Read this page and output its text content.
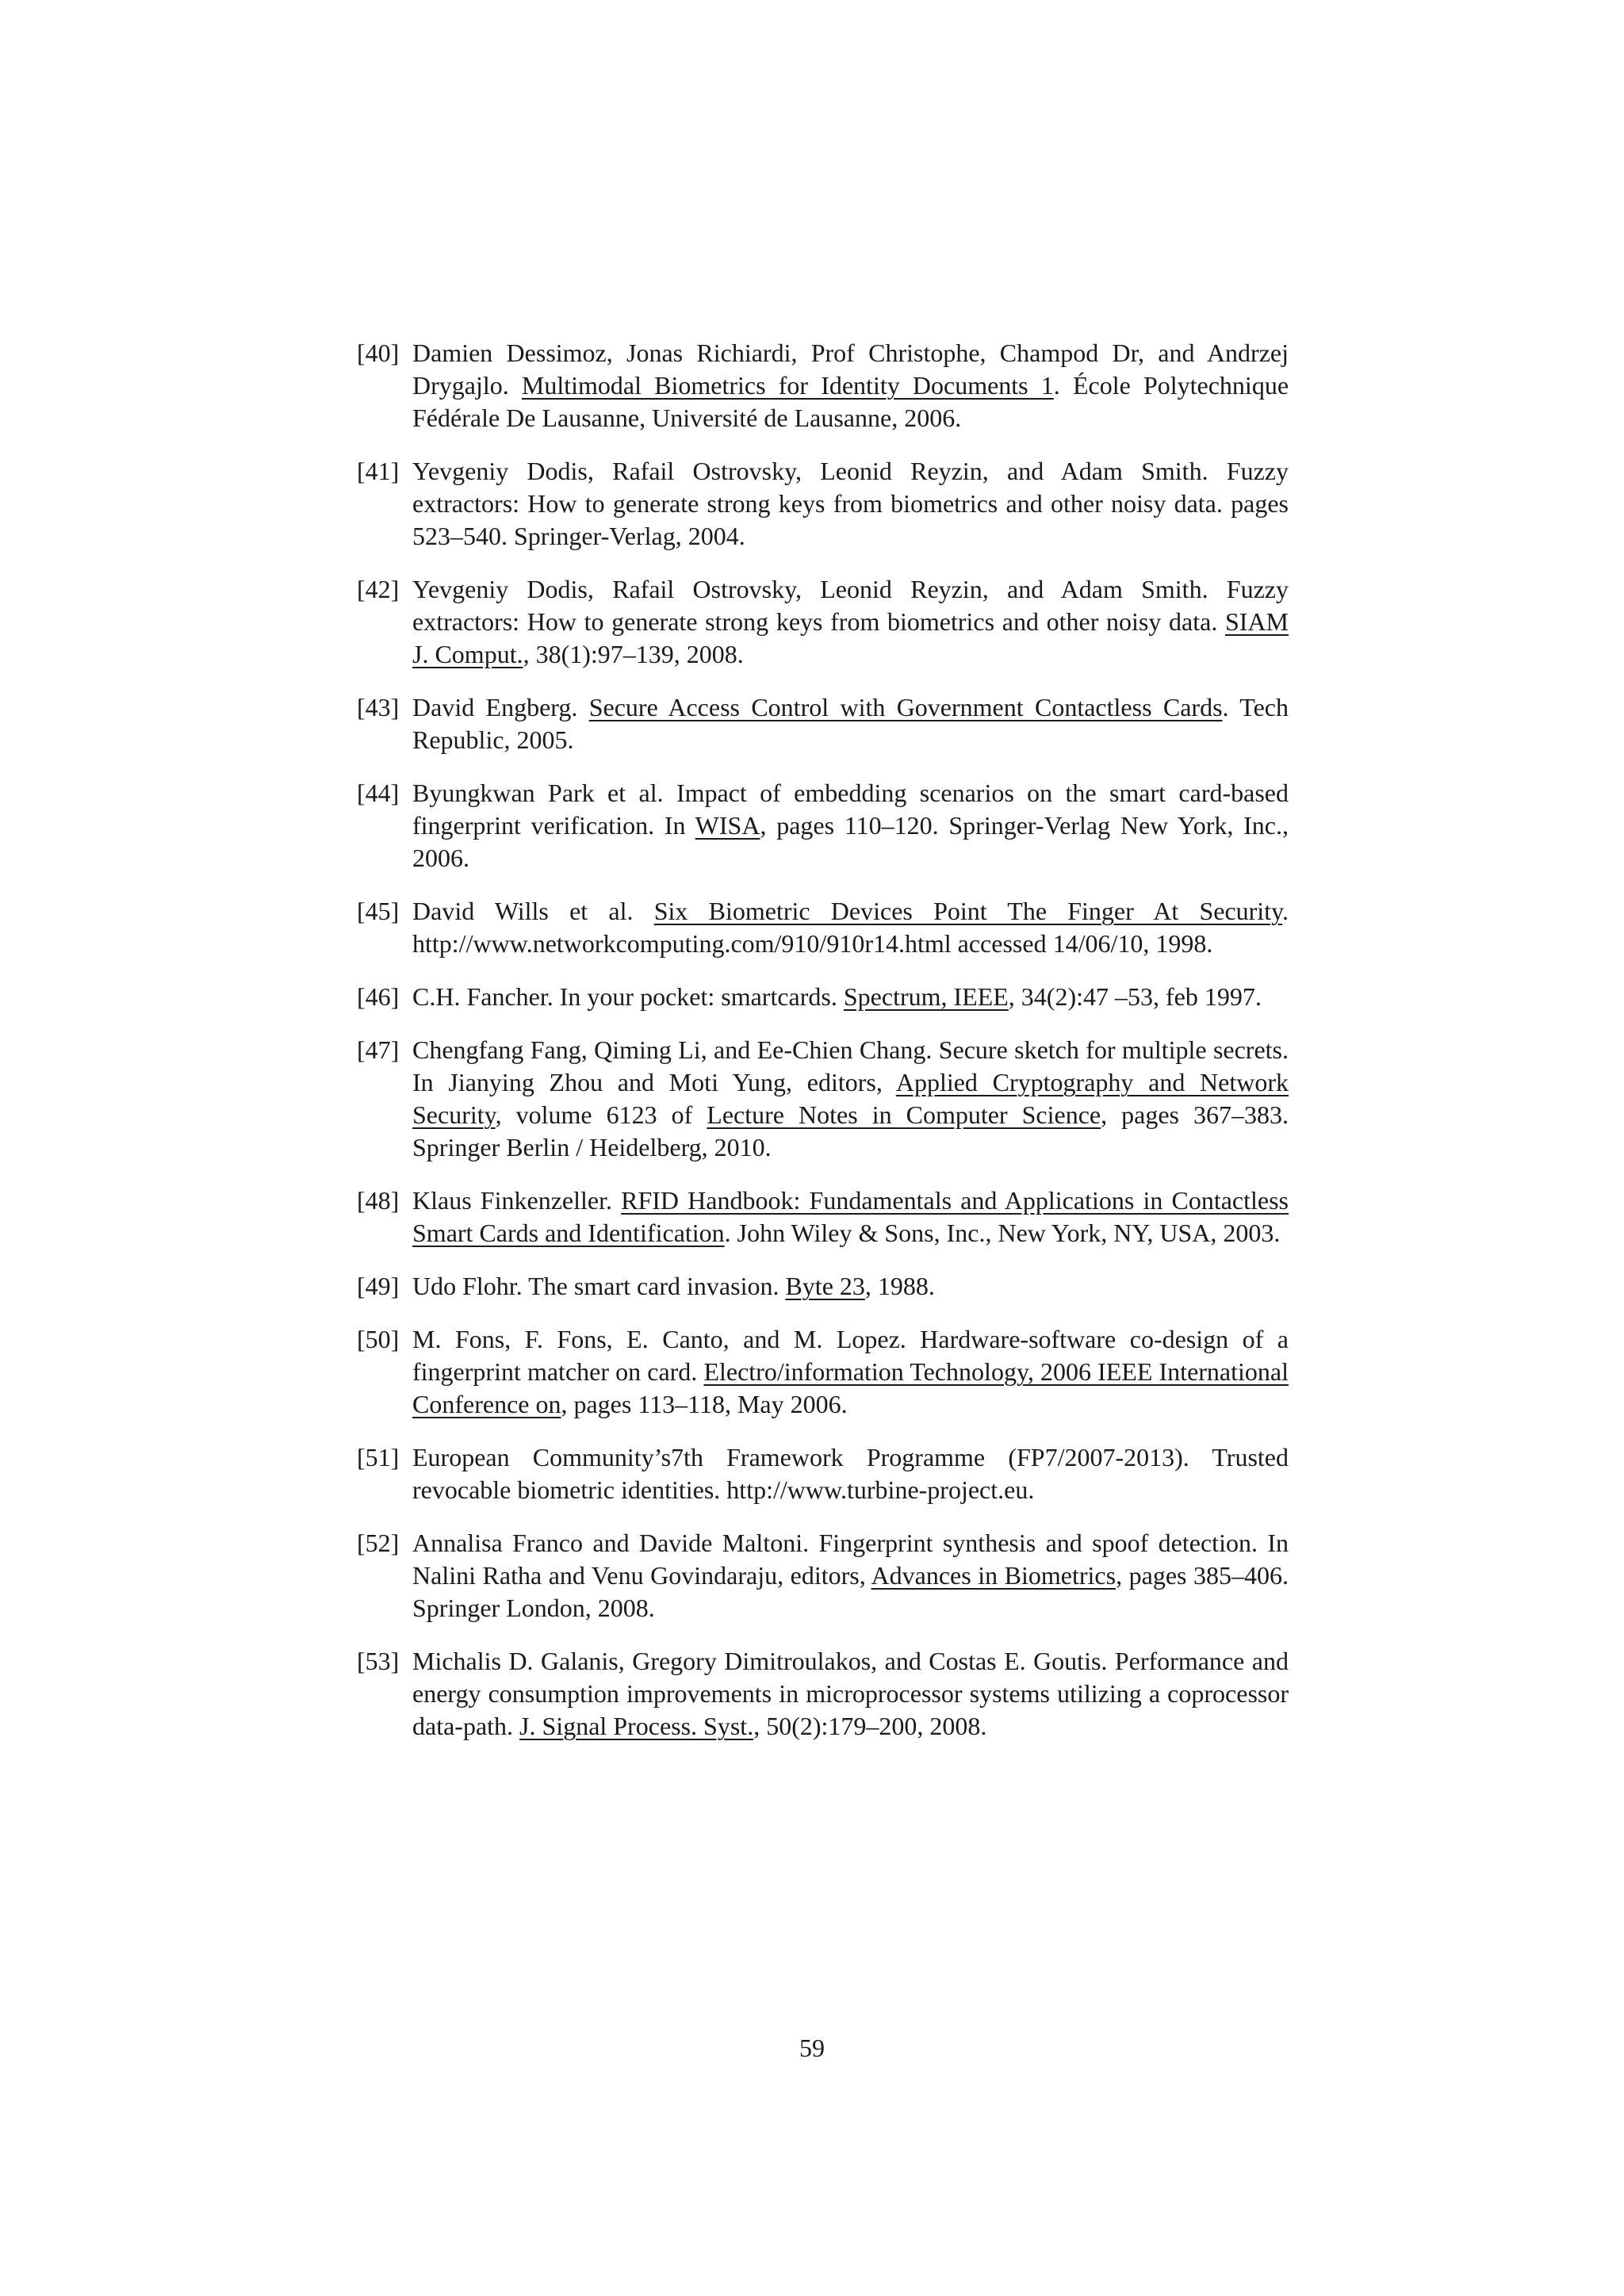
[40] Damien Dessimoz, Jonas Richiardi, Prof Christophe, Champod Dr, and Andrzej Drygajlo. Multimodal Biometrics for Identity Documents 1. École Polytechnique Fédérale De Lausanne, Université de Lausanne, 2006.
[41] Yevgeniy Dodis, Rafail Ostrovsky, Leonid Reyzin, and Adam Smith. Fuzzy extractors: How to generate strong keys from biometrics and other noisy data. pages 523–540. Springer-Verlag, 2004.
[42] Yevgeniy Dodis, Rafail Ostrovsky, Leonid Reyzin, and Adam Smith. Fuzzy extractors: How to generate strong keys from biometrics and other noisy data. SIAM J. Comput., 38(1):97–139, 2008.
[43] David Engberg. Secure Access Control with Government Contactless Cards. Tech Republic, 2005.
[44] Byungkwan Park et al. Impact of embedding scenarios on the smart card-based fingerprint verification. In WISA, pages 110–120. Springer-Verlag New York, Inc., 2006.
[45] David Wills et al. Six Biometric Devices Point The Finger At Security. http://www.networkcomputing.com/910/910r14.html accessed 14/06/10, 1998.
[46] C.H. Fancher. In your pocket: smartcards. Spectrum, IEEE, 34(2):47 –53, feb 1997.
[47] Chengfang Fang, Qiming Li, and Ee-Chien Chang. Secure sketch for multiple secrets. In Jianying Zhou and Moti Yung, editors, Applied Cryptography and Network Security, volume 6123 of Lecture Notes in Computer Science, pages 367–383. Springer Berlin / Heidelberg, 2010.
[48] Klaus Finkenzeller. RFID Handbook: Fundamentals and Applications in Contactless Smart Cards and Identification. John Wiley & Sons, Inc., New York, NY, USA, 2003.
[49] Udo Flohr. The smart card invasion. Byte 23, 1988.
[50] M. Fons, F. Fons, E. Canto, and M. Lopez. Hardware-software co-design of a fingerprint matcher on card. Electro/information Technology, 2006 IEEE International Conference on, pages 113–118, May 2006.
[51] European Community’s7th Framework Programme (FP7/2007-2013). Trusted revocable biometric identities. http://www.turbine-project.eu.
[52] Annalisa Franco and Davide Maltoni. Fingerprint synthesis and spoof detection. In Nalini Ratha and Venu Govindaraju, editors, Advances in Biometrics, pages 385–406. Springer London, 2008.
[53] Michalis D. Galanis, Gregory Dimitroulakos, and Costas E. Goutis. Performance and energy consumption improvements in microprocessor systems utilizing a coprocessor data-path. J. Signal Process. Syst., 50(2):179–200, 2008.
59
